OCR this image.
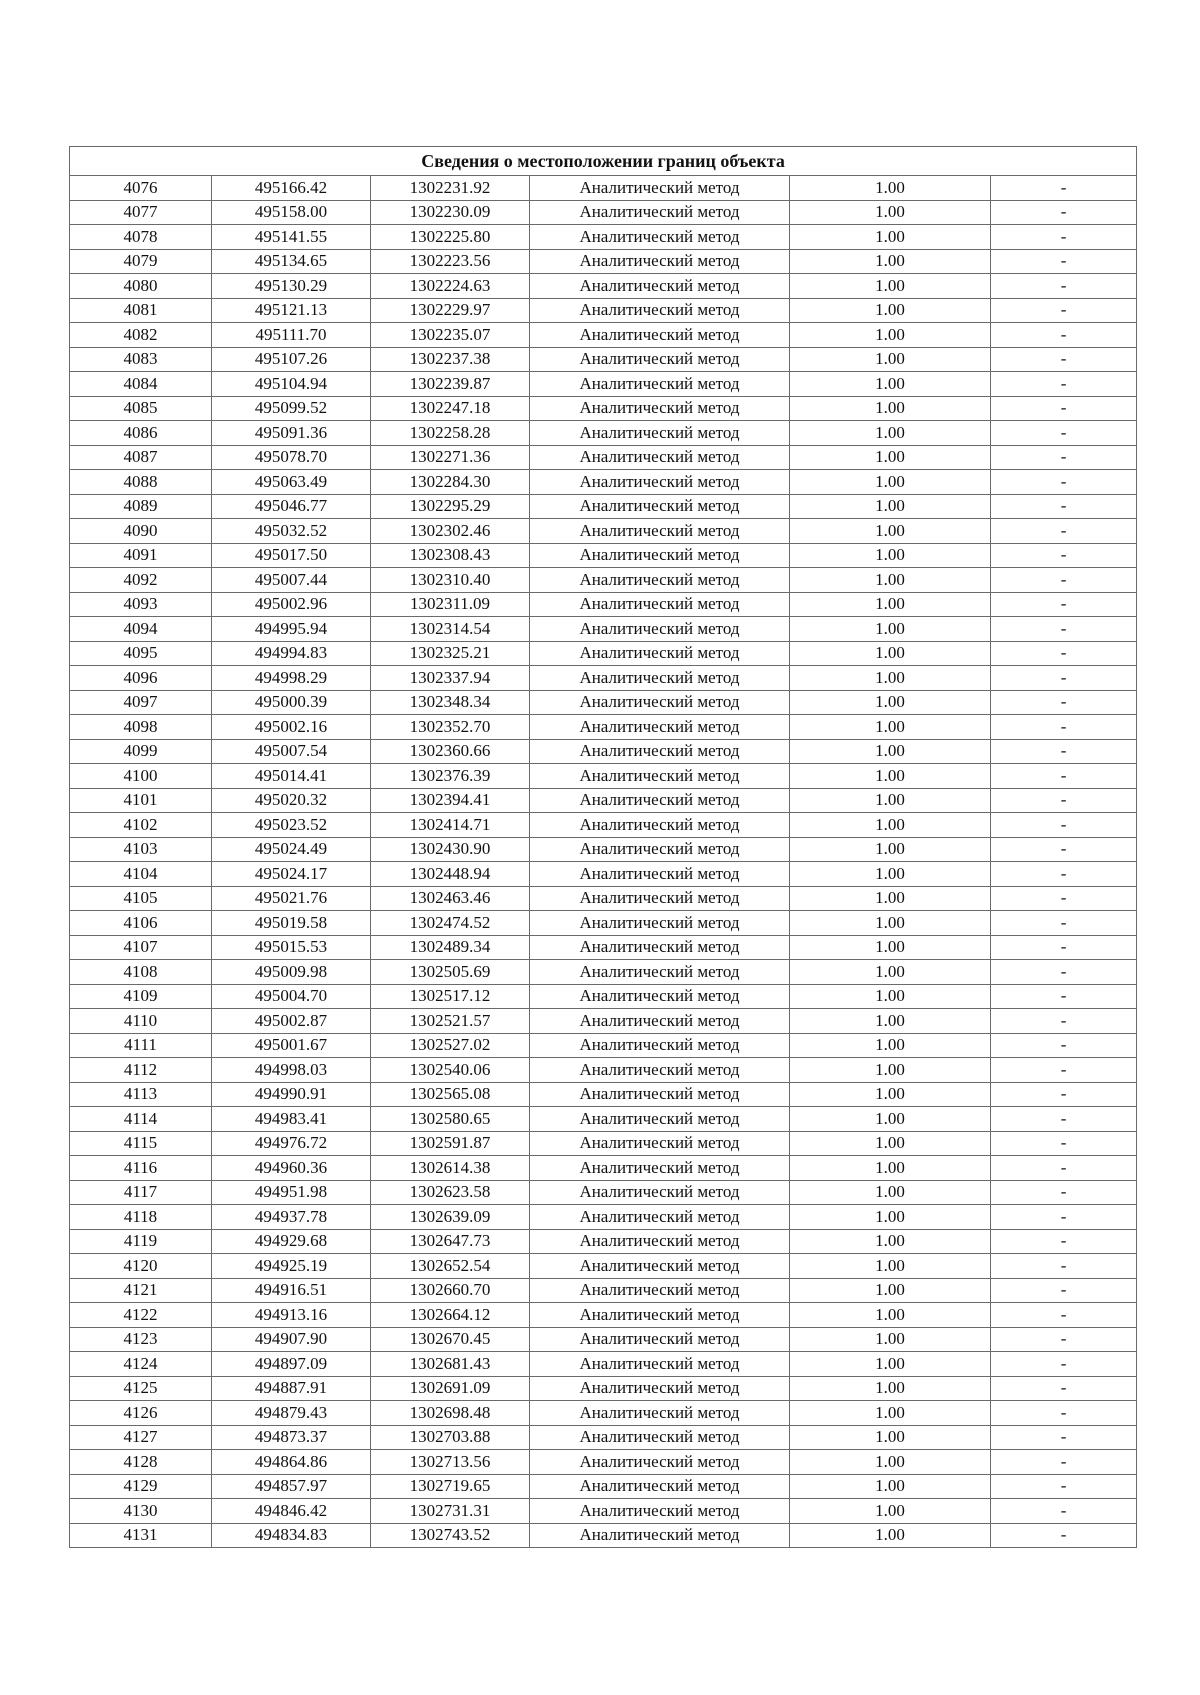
Сведения о местоположении границ объекта					
4076	495166.42	1302231.92	Аналитический метод	1.00	-
4077	495158.00	1302230.09	Аналитический метод	1.00	-
4078	495141.55	1302225.80	Аналитический метод	1.00	-
4079	495134.65	1302223.56	Аналитический метод	1.00	-
4080	495130.29	1302224.63	Аналитический метод	1.00	-
4081	495121.13	1302229.97	Аналитический метод	1.00	-
4082	495111.70	1302235.07	Аналитический метод	1.00	-
4083	495107.26	1302237.38	Аналитический метод	1.00	-
4084	495104.94	1302239.87	Аналитический метод	1.00	-
4085	495099.52	1302247.18	Аналитический метод	1.00	-
4086	495091.36	1302258.28	Аналитический метод	1.00	-
4087	495078.70	1302271.36	Аналитический метод	1.00	-
4088	495063.49	1302284.30	Аналитический метод	1.00	-
4089	495046.77	1302295.29	Аналитический метод	1.00	-
4090	495032.52	1302302.46	Аналитический метод	1.00	-
4091	495017.50	1302308.43	Аналитический метод	1.00	-
4092	495007.44	1302310.40	Аналитический метод	1.00	-
4093	495002.96	1302311.09	Аналитический метод	1.00	-
4094	494995.94	1302314.54	Аналитический метод	1.00	-
4095	494994.83	1302325.21	Аналитический метод	1.00	-
4096	494998.29	1302337.94	Аналитический метод	1.00	-
4097	495000.39	1302348.34	Аналитический метод	1.00	-
4098	495002.16	1302352.70	Аналитический метод	1.00	-
4099	495007.54	1302360.66	Аналитический метод	1.00	-
4100	495014.41	1302376.39	Аналитический метод	1.00	-
4101	495020.32	1302394.41	Аналитический метод	1.00	-
4102	495023.52	1302414.71	Аналитический метод	1.00	-
4103	495024.49	1302430.90	Аналитический метод	1.00	-
4104	495024.17	1302448.94	Аналитический метод	1.00	-
4105	495021.76	1302463.46	Аналитический метод	1.00	-
4106	495019.58	1302474.52	Аналитический метод	1.00	-
4107	495015.53	1302489.34	Аналитический метод	1.00	-
4108	495009.98	1302505.69	Аналитический метод	1.00	-
4109	495004.70	1302517.12	Аналитический метод	1.00	-
4110	495002.87	1302521.57	Аналитический метод	1.00	-
4111	495001.67	1302527.02	Аналитический метод	1.00	-
4112	494998.03	1302540.06	Аналитический метод	1.00	-
4113	494990.91	1302565.08	Аналитический метод	1.00	-
4114	494983.41	1302580.65	Аналитический метод	1.00	-
4115	494976.72	1302591.87	Аналитический метод	1.00	-
4116	494960.36	1302614.38	Аналитический метод	1.00	-
4117	494951.98	1302623.58	Аналитический метод	1.00	-
4118	494937.78	1302639.09	Аналитический метод	1.00	-
4119	494929.68	1302647.73	Аналитический метод	1.00	-
4120	494925.19	1302652.54	Аналитический метод	1.00	-
4121	494916.51	1302660.70	Аналитический метод	1.00	-
4122	494913.16	1302664.12	Аналитический метод	1.00	-
4123	494907.90	1302670.45	Аналитический метод	1.00	-
4124	494897.09	1302681.43	Аналитический метод	1.00	-
4125	494887.91	1302691.09	Аналитический метод	1.00	-
4126	494879.43	1302698.48	Аналитический метод	1.00	-
4127	494873.37	1302703.88	Аналитический метод	1.00	-
4128	494864.86	1302713.56	Аналитический метод	1.00	-
4129	494857.97	1302719.65	Аналитический метод	1.00	-
4130	494846.42	1302731.31	Аналитический метод	1.00	-
4131	494834.83	1302743.52	Аналитический метод	1.00	-
